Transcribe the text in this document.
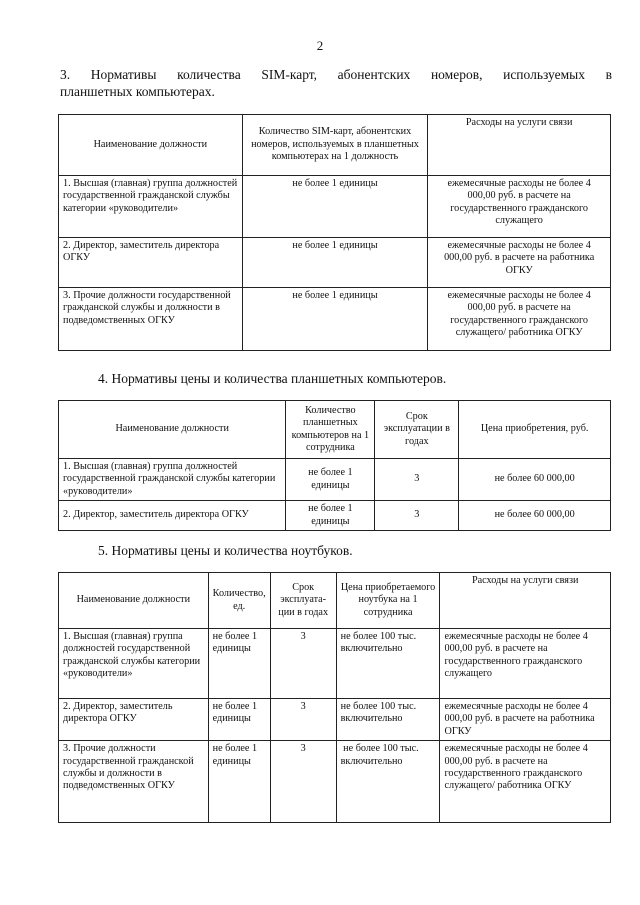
2
3. Нормативы количества SIM-карт, абонентских номеров, используемых в
планшетных компьютерах.
Наименование должности	Количество SIM-карт, абонентских номеров, используемых в планшетных компьютерах на 1 должность	Расходы на услуги связи
1. Высшая (главная) группа должностей государственной гражданской службы категории «руководители»	не более 1 единицы	ежемесячные расходы не более 4 000,00 руб. в расчете на государственного гражданского служащего
2. Директор, заместитель директора ОГКУ	не более 1 единицы	ежемесячные расходы не более 4 000,00 руб. в расчете на работника ОГКУ
3. Прочие должности государственной гражданской службы и должности в подведомственных ОГКУ	не более 1 единицы	ежемесячные расходы не более 4 000,00 руб. в расчете на государственного гражданского служащего/ работника ОГКУ
4. Нормативы цены и количества планшетных компьютеров.
Наименование должности	Количество планшетных компьютеров на 1 сотрудника	Срок эксплуатации в годах	Цена приобретения, руб.
1. Высшая (главная) группа должностей государственной гражданской службы категории «руководители»	не более 1 единицы	3	не более 60 000,00
2. Директор, заместитель директора ОГКУ	не более 1 единицы	3	не более 60 000,00
5. Нормативы цены и количества ноутбуков.
Наименование должности	Количество, ед.	Срок эксплуата-ции в годах	Цена приобретаемого ноутбука на 1 сотрудника	Расходы на услуги связи
1. Высшая (главная) группа должностей государственной гражданской службы категории «руководители»	не более 1 единицы	3	не более 100 тыс. включительно	ежемесячные расходы не более 4 000,00 руб. в расчете на государственного гражданского служащего
2. Директор, заместитель директора ОГКУ	не более 1 единицы	3	не более 100 тыс. включительно	ежемесячные расходы не более 4 000,00 руб. в расчете на работника ОГКУ
3. Прочие должности государственной гражданской службы и должности в подведомственных ОГКУ	не более 1 единицы	3	не более 100 тыс. включительно	ежемесячные расходы не более 4 000,00 руб. в расчете на государственного гражданского служащего/ работника ОГКУ
